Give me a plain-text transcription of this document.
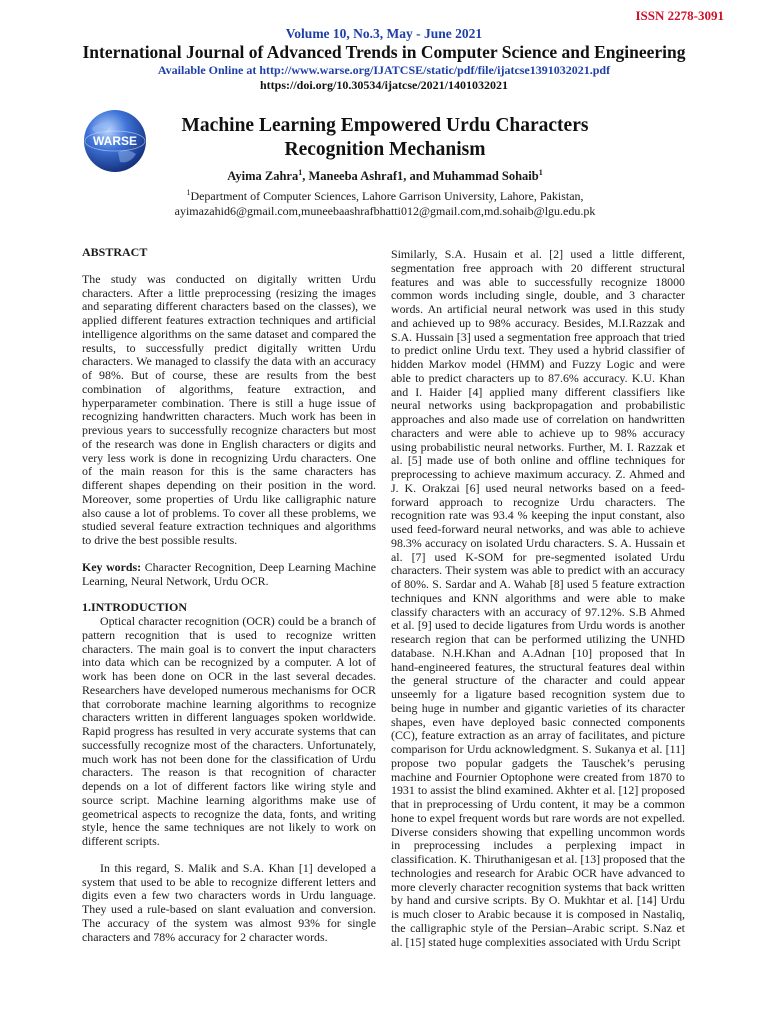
ISSN 2278-3091
Volume 10, No.3, May - June 2021
International Journal of Advanced Trends in Computer Science and Engineering
Available Online at http://www.warse.org/IJATCSE/static/pdf/file/ijatcse1391032021.pdf
https://doi.org/10.30534/ijatcse/2021/1401032021
WARSE
Machine Learning Empowered Urdu Characters
Recognition Mechanism
Ayima Zahra$^1$, Maneeba Ashraf1, and Muhammad Sohaib$^1$
$^1$Department of Computer Sciences, Lahore Garrison University, Lahore, Pakistan,
ayimazahid6@gmail.com,muneebaashrafbhatti012@gmail.com,md.sohaib@lgu.edu.pk
ABSTRACT

The study was conducted on digitally written Urdu characters. After a little preprocessing (resizing the images and separating different characters based on the classes), we applied different features extraction techniques and artificial intelligence algorithms on the same dataset and compared the results, to successfully predict digitally written Urdu characters. We managed to classify the data with an accuracy of 98%. But of course, these are results from the best combination of algorithms, feature extraction, and hyperparameter combination. There is still a huge issue of recognizing handwritten characters. Much work has been in previous years to successfully recognize characters but most of the research was done in English characters or digits and very less work is done in recognizing Urdu characters. One of the main reason for this is the same characters has different shapes depending on their position in the word. Moreover, some properties of Urdu like calligraphic nature also cause a lot of problems. To cover all these problems, we studied several feature extraction techniques and algorithms to drive the best possible results.

Key words: Character Recognition, Deep Learning Machine Learning, Neural Network, Urdu OCR.

1.INTRODUCTION

Optical character recognition (OCR) could be a branch of pattern recognition that is used to recognize written characters. The main goal is to convert the input characters into data which can be recognized by a computer. A lot of work has been done on OCR in the last several decades. Researchers have developed numerous mechanisms for OCR that corroborate machine learning algorithms to recognize characters written in different languages spoken worldwide. Rapid progress has resulted in very accurate systems that can successfully recognize most of the characters. Unfortunately, much work has not been done for the classification of Urdu characters. The reason is that recognition of character depends on a lot of different factors like wiring style and source script. Machine learning algorithms make use of geometrical aspects to recognize the data, fonts, and writing style, hence the same techniques are not likely to work on different scripts.

In this regard, S. Malik and S.A. Khan [1] developed a system that used to be able to recognize different letters and digits even a few two characters words in Urdu language. They used a rule-based on slant evaluation and conversion. The accuracy of the system was almost 93% for single characters and 78% accuracy for 2 character words.

Similarly, S.A. Husain et al. [2] used a little different, segmentation free approach with 20 different structural features and was able to successfully recognize 18000 common words including single, double, and 3 character words. An artificial neural network was used in this study and achieved up to 98% accuracy. Besides, M.I.Razzak and S.A. Hussain [3] used a segmentation free approach that tried to predict online Urdu text. They used a hybrid classifier of hidden Markov model (HMM) and Fuzzy Logic and were able to predict characters up to 87.6% accuracy. K.U. Khan and I. Haider [4] applied many different classifiers like neural networks using backpropagation and probabilistic approaches and also made use of correlation on handwritten characters and were able to achieve up to 98% accuracy using probabilistic neural networks. Further, M. I. Razzak et al. [5] made use of both online and offline techniques for preprocessing to achieve maximum accuracy. Z. Ahmed and J. K. Orakzai [6] used neural networks based on a feed-forward approach to recognize Urdu characters. The recognition rate was 93.4 % keeping the input constant, also used feed-forward neural networks, and was able to achieve 98.3% accuracy on isolated Urdu characters. S. A. Hussain et al. [7] used K-SOM for pre-segmented isolated Urdu characters. Their system was able to predict with an accuracy of 80%. S. Sardar and A. Wahab [8] used 5 feature extraction techniques and KNN algorithms and were able to make classify characters with an accuracy of 97.12%. S.B Ahmed et al. [9] used to decide ligatures from Urdu words is another research region that can be performed utilizing the UNHD database. N.H.Khan and A.Adnan [10] proposed that In hand-engineered features, the structural features deal within the general structure of the character and could appear unseemly for a ligature based recognition system due to being huge in number and gigantic varieties of its character shapes, even have deployed basic connected components (CC), feature extraction as an array of facilitates, and picture comparison for Urdu acknowledgment. S. Sukanya et al. [11] propose two popular gadgets the Tauschek’s perusing machine and Fournier Optophone were created from 1870 to 1931 to assist the blind examined. Akhter et al. [12] proposed that in preprocessing of Urdu content, it may be a common hone to expel frequent words but rare words are not expelled. Diverse considers showing that expelling uncommon words in preprocessing includes a perplexing impact in classification. K. Thiruthanigesan et al. [13] proposed that the technologies and research for Arabic OCR have advanced to more cleverly character recognition systems that back written by hand and cursive scripts. By O. Mukhtar et al. [14] Urdu is much closer to Arabic because it is composed in Nastaliq, the calligraphic style of the Persian–Arabic script. S.Naz et al. [15] stated huge complexities associated with Urdu Script
